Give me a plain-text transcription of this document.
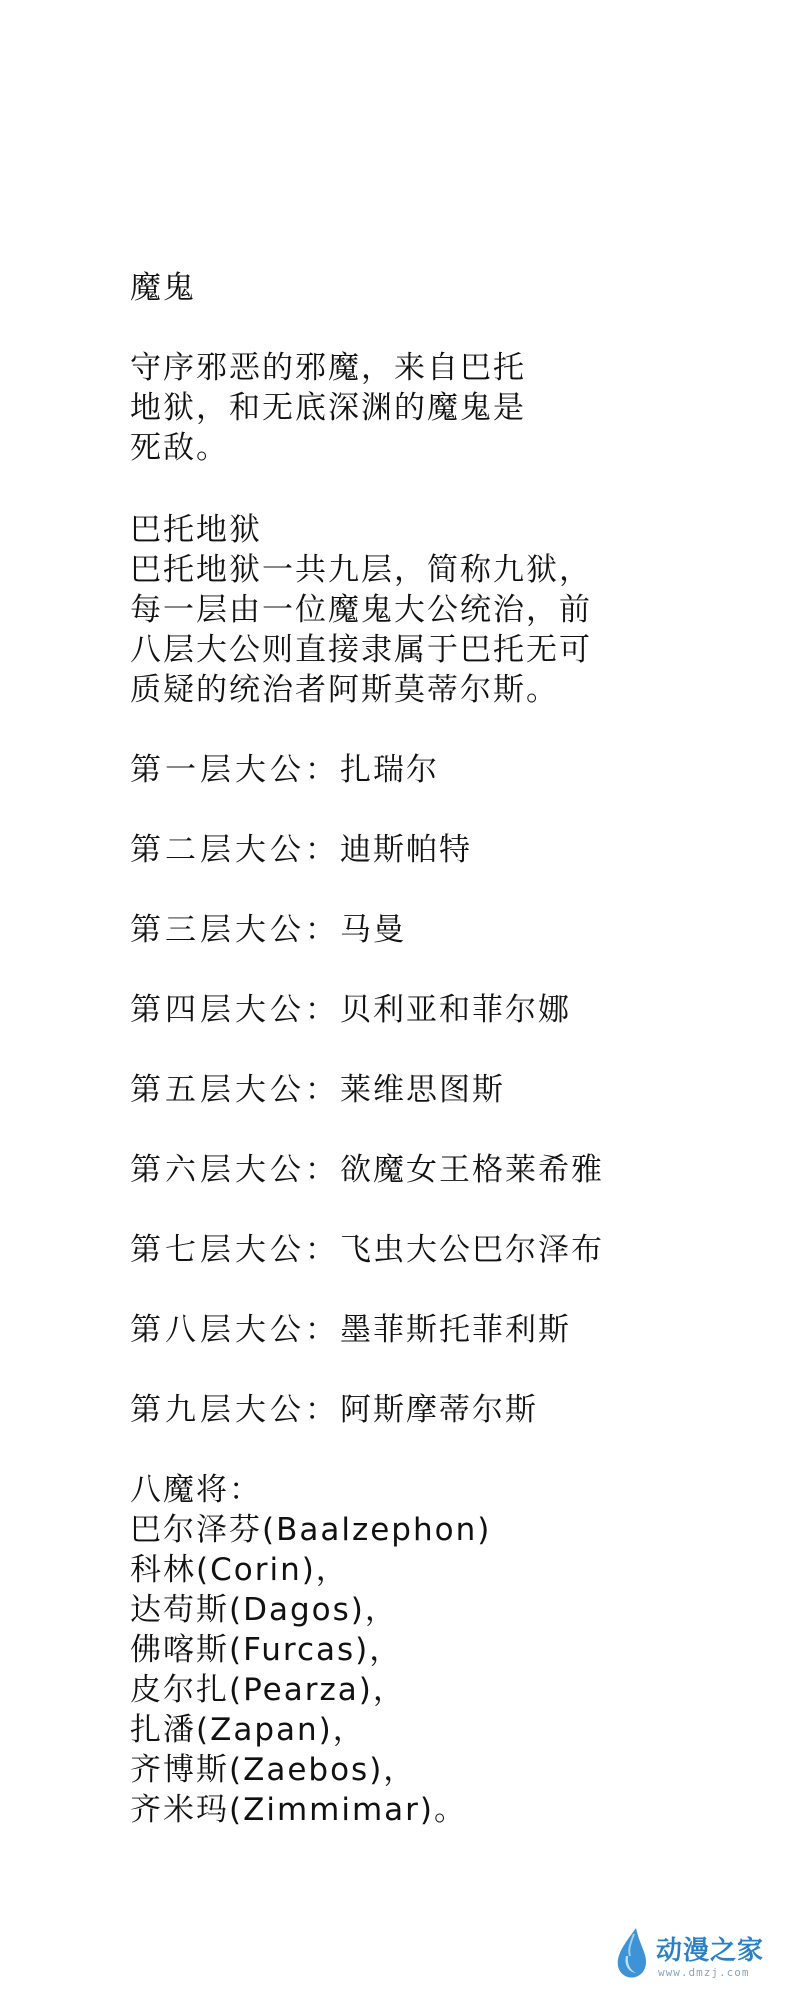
魔鬼
守序邪恶的邪魔，来自巴托
地狱，和无底深渊的魔鬼是
死敌。
巴托地狱
巴托地狱一共九层，简称九狱，
每一层由一位魔鬼大公统治，前
八层大公则直接隶属于巴托无可
质疑的统治者阿斯莫蒂尔斯。
第一层大公：扎瑞尔
第二层大公：迪斯帕特
第三层大公：马曼
第四层大公：贝利亚和菲尔娜
第五层大公：莱维思图斯
第六层大公：欲魔女王格莱希雅
第七层大公：飞虫大公巴尔泽布
第八层大公：墨菲斯托菲利斯
第九层大公：阿斯摩蒂尔斯
八魔将：
巴尔泽芬(Baalzephon)
科林(Corin)，
达苟斯(Dagos)，
佛喀斯(Furcas)，
皮尔扎(Pearza)，
扎潘(Zapan)，
齐博斯(Zaebos)，
齐米玛(Zimmimar)。
动漫之家
www.dmzj.com
